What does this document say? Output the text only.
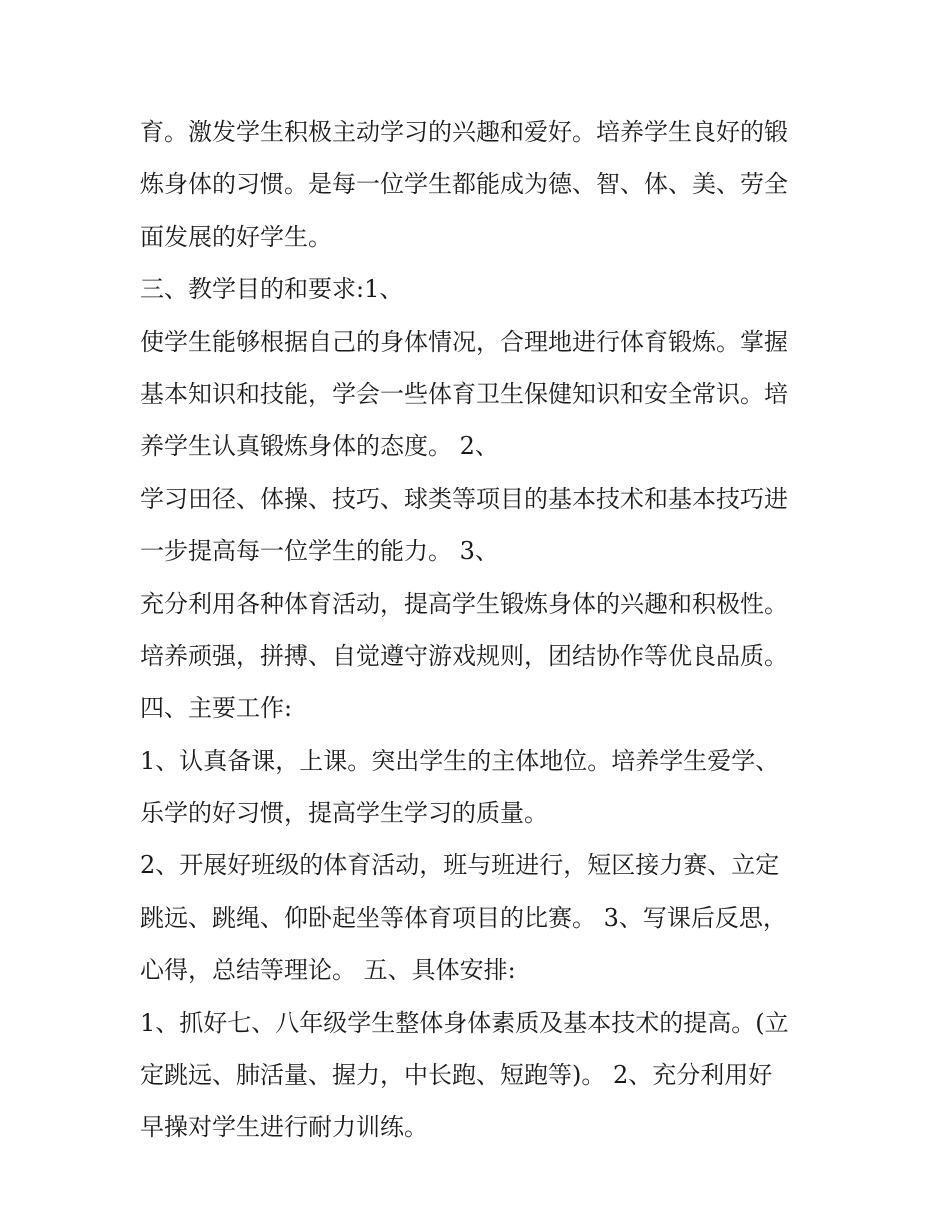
育。激发学生积极主动学习的兴趣和爱好。培养学生良好的锻
炼身体的习惯。是每一位学生都能成为德、智、体、美、劳全
面发展的好学生。
三、教学目的和要求:1、
使学生能够根据自己的身体情况，合理地进行体育锻炼。掌握
基本知识和技能，学会一些体育卫生保健知识和安全常识。培
养学生认真锻炼身体的态度。 2、
学习田径、体操、技巧、球类等项目的基本技术和基本技巧进
一步提高每一位学生的能力。 3、
充分利用各种体育活动，提高学生锻炼身体的兴趣和积极性。
培养顽强，拼搏、自觉遵守游戏规则，团结协作等优良品质。
四、主要工作:
1、认真备课，上课。突出学生的主体地位。培养学生爱学、
乐学的好习惯，提高学生学习的质量。
2、开展好班级的体育活动，班与班进行，短区接力赛、立定
跳远、跳绳、仰卧起坐等体育项目的比赛。 3、写课后反思，
心得，总结等理论。 五、具体安排:
1、抓好七、八年级学生整体身体素质及基本技术的提高。(立
定跳远、肺活量、握力，中长跑、短跑等)。 2、充分利用好
早操对学生进行耐力训练。
